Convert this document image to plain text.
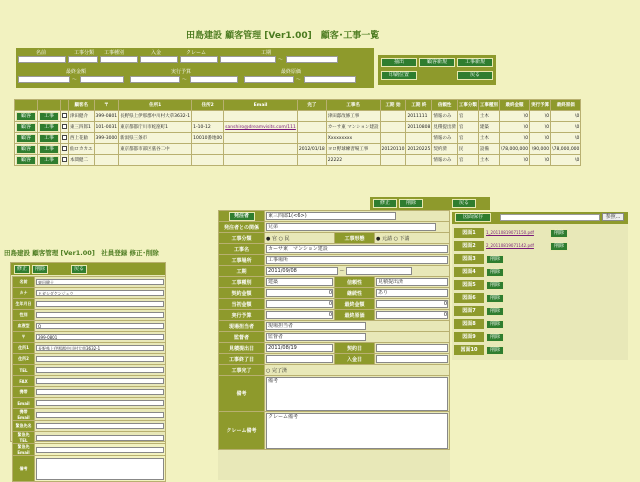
田島建設 顧客管理 [Ver1.00]　顧客･工事一覧
名前	工事分類 工事種別	入金	クレーム	工期
～
最終金額	実行予算	最終原価
～	～	～
抽出	顧客新規	工事新規
印刷位置	戻る
			顧客名	〒	住所1	住所2	Email	完了	工事名	工期 始	工期 終	信頼性	工事分類	工事種別	最終金額	実行予算	最終原価
顧客	工事		津田健介	399-0801	長野県上伊那郡中川村大草3632-1				津田邸改修工事		2011111	情報のみ	官	土木	\0	\0	\0
顧客	工事		東三四郎1	101-0031	東京都都庁川市蛇窪町1	1-10-12	sanshiro@dreamvisits.com/111		カーサ東 マンション建設		20110808	見積提出済	官	建築	\0	\0	\0
顧客	工事		西上花勧	399-3000	新潟県三条市	10010番地00			Xxxxxxxxx			情報のみ	官	土木	\0	\0	\0
顧客	工事		仙ロカカエ		東京都都市部区墓谷二中			2012/01/18	ヨロ野球練習場工事	20120110	20120225	契約済	民	設備	\78,000,000	\90,000	\78,000,000
顧客	工事		本間健二						22222			情報のみ	官	土木	\0	\0	\0
修正	削除	戻る
田島建設 顧客管理 [Ver1.00]　社員登録 修正･削除
修正	削除	戻る
名前	東田健十

カナ	ヒガシダケンジュウ

生年月日	

性別	

血液型	O

〒	399-0801

住所1	長野県上伊那郡中川村大草3632-1

住所2	

TEL	

FAX	

携帯	

Email	

携帯Email	

緊急先名	

緊急先TEL	

緊急先Email	

備考	
発注者	東三四郎1(<6>)		

発注者との関係	兄弟		

工事分類	● 官 ○ 民	工事形態	● 元請 ○ 下請
工事名	カーサ東　マンション建設		

工事場所	工事場所		

工期	2011/09/08 ～		
工事種別	建築	信頼性	見積提出済

契約金額	0	継続性	あり

当初金額	0	最終金額	0

実行予算	0	最終原価	0

現場担当者	現場担当者		

監督者	監督者		

見積提出日	2011/08/19	契約日	

工事終了日		入金日	

工事完了	○ 完了済		
備考	備考		

クレーム備考	クレーム備考		
図面保存	参照...
図面1	1_20110819071150.pdf	削除
図面2	2_20110819071142.pdf	削除
図面3	削除
図面4	削除
図面5	削除
図面6	削除
図面7	削除
図面8	削除
図面9	削除
図面10	削除
